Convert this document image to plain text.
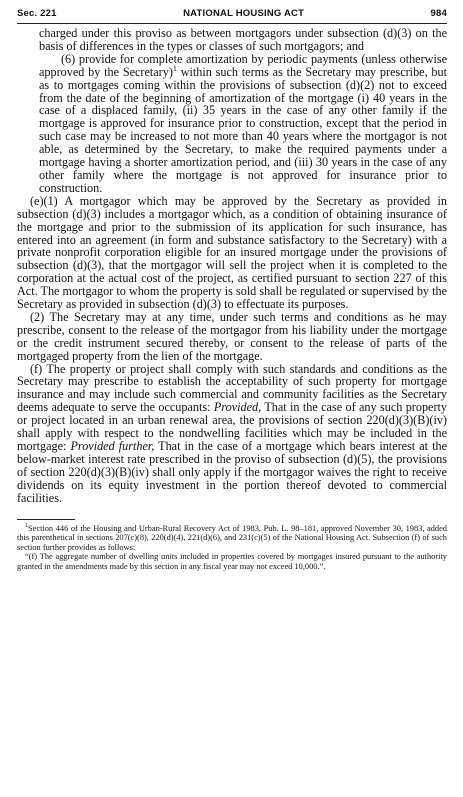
Sec. 221	NATIONAL HOUSING ACT	984

charged under this proviso as between mortgagors under subsection (d)(3) on the basis of differences in the types or classes of such mortgagors; and

(6) provide for complete amortization by periodic payments (unless otherwise approved by the Secretary)$^1$ within such terms as the Secretary may prescribe, but as to mortgages coming within the provisions of subsection (d)(2) not to exceed from the date of the beginning of amortization of the mortgage (i) 40 years in the case of a displaced family, (ii) 35 years in the case of any other family if the mortgage is approved for insurance prior to construction, except that the period in such case may be increased to not more than 40 years where the mortgagor is not able, as determined by the Secretary, to make the required payments under a mortgage having a shorter amortization period, and (iii) 30 years in the case of any other family where the mortgage is not approved for insurance prior to construction.

(e)(1) A mortgagor which may be approved by the Secretary as provided in subsection (d)(3) includes a mortgagor which, as a condition of obtaining insurance of the mortgage and prior to the submission of its application for such insurance, has entered into an agreement (in form and substance satisfactory to the Secretary) with a private nonprofit corporation eligible for an insured mortgage under the provisions of subsection (d)(3), that the mortgagor will sell the project when it is completed to the corporation at the actual cost of the project, as certified pursuant to section 227 of this Act. The mortgagor to whom the property is sold shall be regulated or supervised by the Secretary as provided in subsection (d)(3) to effectuate its purposes.

(2) The Secretary may at any time, under such terms and conditions as he may prescribe, consent to the release of the mortgagor from his liability under the mortgage or the credit instrument secured thereby, or consent to the release of parts of the mortgaged property from the lien of the mortgage.

(f) The property or project shall comply with such standards and conditions as the Secretary may prescribe to establish the acceptability of such property for mortgage insurance and may include such commercial and community facilities as the Secretary deems adequate to serve the occupants: Provided, That in the case of any such property or project located in an urban renewal area, the provisions of section 220(d)(3)(B)(iv) shall apply with respect to the nondwelling facilities which may be included in the mortgage: Provided further, That in the case of a mortgage which bears interest at the below-market interest rate prescribed in the proviso of subsection (d)(5), the provisions of section 220(d)(3)(B)(iv) shall only apply if the mortgagor waives the right to receive dividends on its equity investment in the portion thereof devoted to commercial facilities.

$^1$Section 446 of the Housing and Urban-Rural Recovery Act of 1983, Pub. L. 98–181, approved November 30, 1983, added this parenthetical in sections 207(c)(8), 220(d)(4), 221(d)(6), and 231(c)(5) of the National Housing Act. Subsection (f) of such section further provides as follows:

“(f) The aggregate number of dwelling units included in properties covered by mortgages insured pursuant to the authority granted in the amendments made by this section in any fiscal year may not exceed 10,000.”.
